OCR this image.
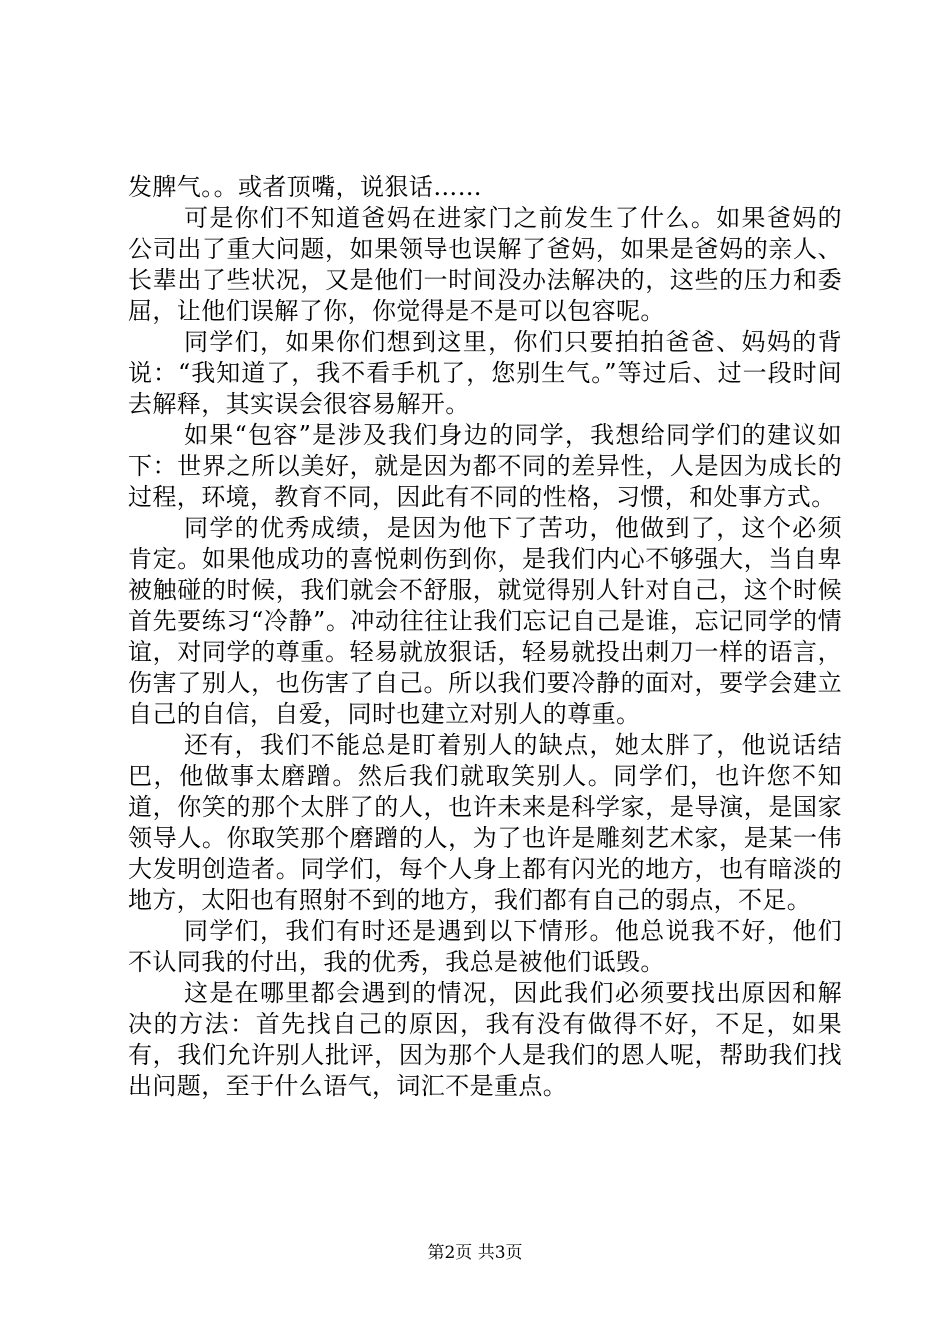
发脾气。。或者顶嘴，说狠话……

可是你们不知道爸妈在进家门之前发生了什么。如果爸妈的公司出了重大问题，如果领导也误解了爸妈，如果是爸妈的亲人、长辈出了些状况，又是他们一时间没办法解决的，这些的压力和委屈，让他们误解了你，你觉得是不是可以包容呢。

同学们，如果你们想到这里，你们只要拍拍爸爸、妈妈的背说：“我知道了，我不看手机了，您别生气。”等过后、过一段时间去解释，其实误会很容易解开。

如果“包容”是涉及我们身边的同学，我想给同学们的建议如下：世界之所以美好，就是因为都不同的差异性，人是因为成长的过程，环境，教育不同，因此有不同的性格，习惯，和处事方式。

同学的优秀成绩，是因为他下了苦功，他做到了，这个必须肯定。如果他成功的喜悦刺伤到你，是我们内心不够强大，当自卑被触碰的时候，我们就会不舒服，就觉得别人针对自己，这个时候首先要练习“冷静”。冲动往往让我们忘记自己是谁，忘记同学的情谊，对同学的尊重。轻易就放狠话，轻易就投出刺刀一样的语言，伤害了别人，也伤害了自己。所以我们要冷静的面对，要学会建立自己的自信，自爱，同时也建立对别人的尊重。

还有，我们不能总是盯着别人的缺点，她太胖了，他说话结巴，他做事太磨蹭。然后我们就取笑别人。同学们，也许您不知道，你笑的那个太胖了的人，也许未来是科学家，是导演，是国家领导人。你取笑那个磨蹭的人，为了也许是雕刻艺术家，是某一伟大发明创造者。同学们，每个人身上都有闪光的地方，也有暗淡的地方，太阳也有照射不到的地方，我们都有自己的弱点，不足。

同学们，我们有时还是遇到以下情形。他总说我不好，他们不认同我的付出，我的优秀，我总是被他们诋毁。

这是在哪里都会遇到的情况，因此我们必须要找出原因和解决的方法：首先找自己的原因，我有没有做得不好，不足，如果有，我们允许别人批评，因为那个人是我们的恩人呢，帮助我们找出问题，至于什么语气，词汇不是重点。

第2页 共3页
